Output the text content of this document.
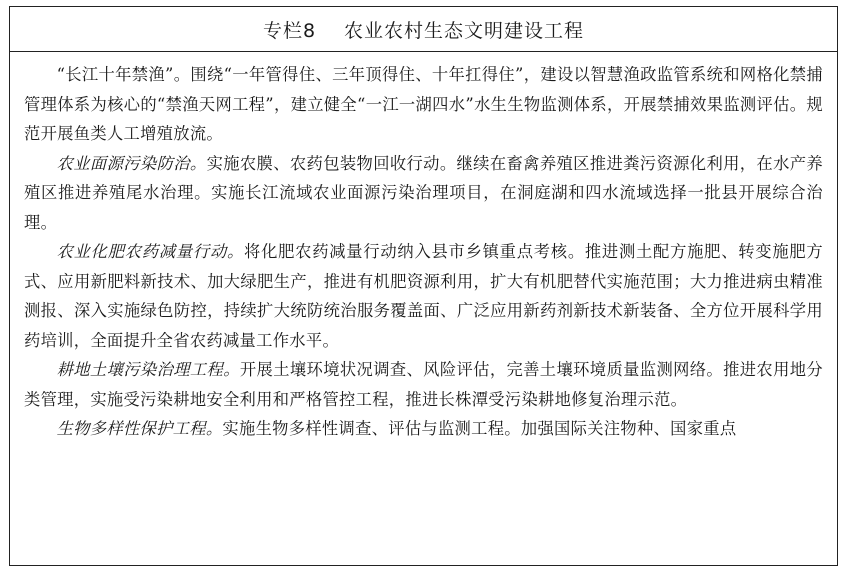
专栏8 农业农村生态文明建设工程

“长江十年禁渔”。围绕“一年管得住、三年顶得住、十年扛得住”，建设以智慧渔政监管系统和网格化禁捕管理体系为核心的“禁渔天网工程”，建立健全“一江一湖四水”水生生物监测体系，开展禁捕效果监测评估。规范开展鱼类人工增殖放流。

农业面源污染防治。实施农膜、农药包装物回收行动。继续在畜禽养殖区推进粪污资源化利用，在水产养殖区推进养殖尾水治理。实施长江流域农业面源污染治理项目，在洞庭湖和四水流域选择一批县开展综合治理。

农业化肥农药减量行动。将化肥农药减量行动纳入县市乡镇重点考核。推进测土配方施肥、转变施肥方式、应用新肥料新技术、加大绿肥生产，推进有机肥资源利用，扩大有机肥替代实施范围；大力推进病虫精准测报、深入实施绿色防控，持续扩大统防统治服务覆盖面、广泛应用新药剂新技术新装备、全方位开展科学用药培训，全面提升全省农药减量工作水平。

耕地土壤污染治理工程。开展土壤环境状况调查、风险评估，完善土壤环境质量监测网络。推进农用地分类管理，实施受污染耕地安全利用和严格管控工程，推进长株潭受污染耕地修复治理示范。

生物多样性保护工程。实施生物多样性调查、评估与监测工程。加强国际关注物种、国家重点
